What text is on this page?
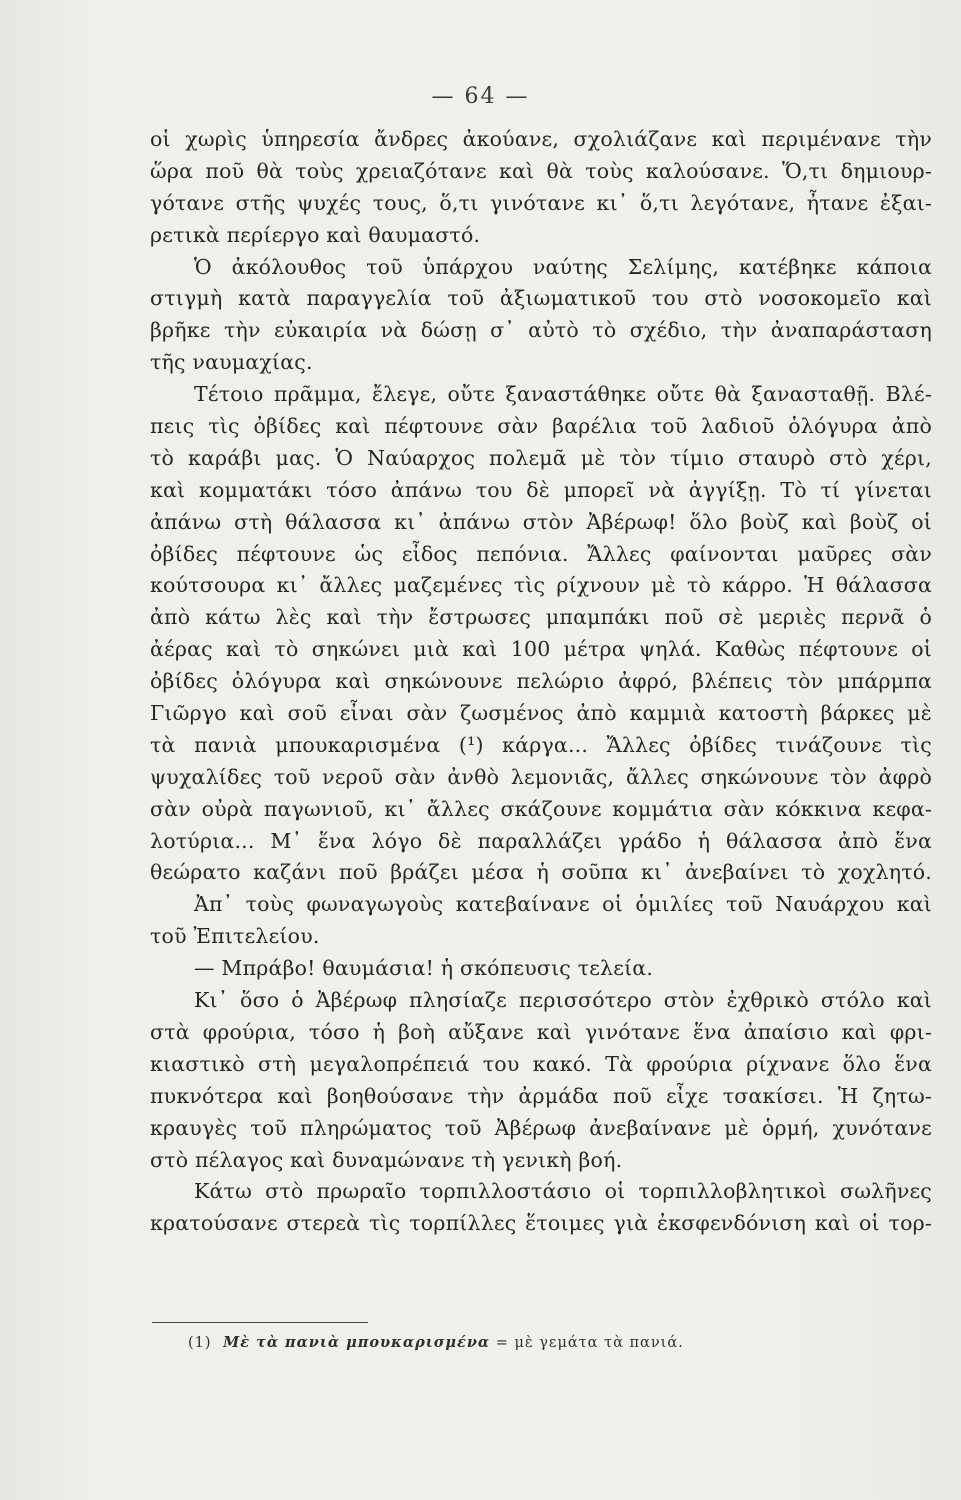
— 64 —
οἱ χωρὶς ὑπηρεσία ἄνδρες ἀκούανε, σχολιάζανε καὶ περιμένανε τὴν
ὥρα ποῦ θὰ τοὺς χρειαζότανε καὶ θὰ τοὺς καλούσανε. Ὅ,τι δημιουρ-
γότανε στῆς ψυχές τους, ὅ,τι γινότανε κι᾿ ὅ,τι λεγότανε, ἦτανε ἐξαι-
ρετικὰ περίεργο καὶ θαυμαστό.
Ὁ ἀκόλουθος τοῦ ὑπάρχου ναύτης Σελίμης, κατέβηκε κάποια
στιγμὴ κατὰ παραγγελία τοῦ ἀξιωματικοῦ του στὸ νοσοκομεῖο καὶ
βρῆκε τὴν εὐκαιρία νὰ δώσῃ σ᾿ αὐτὸ τὸ σχέδιο, τὴν ἀναπαράσταση
τῆς ναυμαχίας.
Τέτοιο πρᾶμμα, ἔλεγε, οὔτε ξαναστάθηκε οὔτε θὰ ξανασταθῇ. Βλέ-
πεις τὶς ὀβίδες καὶ πέφτουνε σὰν βαρέλια τοῦ λαδιοῦ ὁλόγυρα ἀπὸ
τὸ καράβι μας. Ὁ Ναύαρχος πολεμᾶ μὲ τὸν τίμιο σταυρὸ στὸ χέρι,
καὶ κομματάκι τόσο ἀπάνω του δὲ μπορεῖ νὰ ἀγγίξῃ. Τὸ τί γίνεται
ἀπάνω στὴ θάλασσα κι᾿ ἀπάνω στὸν Ἀβέρωφ! ὅλο βοὺζ καὶ βοὺζ οἱ
ὀβίδες πέφτουνε ὡς εἶδος πεπόνια. Ἄλλες φαίνονται μαῦρες σὰν
κούτσουρα κι᾿ ἄλλες μαζεμένες τὶς ρίχνουν μὲ τὸ κάρρο. Ἡ θάλασσα
ἀπὸ κάτω λὲς καὶ τὴν ἔστρωσες μπαμπάκι ποῦ σὲ μεριὲς περνᾶ ὁ
ἀέρας καὶ τὸ σηκώνει μιὰ καὶ 100 μέτρα ψηλά. Καθὼς πέφτουνε οἱ
ὀβίδες ὁλόγυρα καὶ σηκώνουνε πελώριο ἀφρό, βλέπεις τὸν μπάρμπα
Γιῶργο καὶ σοῦ εἶναι σὰν ζωσμένος ἀπὸ καμμιὰ κατοστὴ βάρκες μὲ
τὰ πανιὰ μπουκαρισμένα (¹) κάργα... Ἄλλες ὀβίδες τινάζουνε τὶς
ψυχαλίδες τοῦ νεροῦ σὰν ἀνθὸ λεμονιᾶς, ἄλλες σηκώνουνε τὸν ἀφρὸ
σὰν οὐρὰ παγωνιοῦ, κι᾿ ἄλλες σκάζουνε κομμάτια σὰν κόκκινα κεφα-
λοτύρια... Μ᾿ ἕνα λόγο δὲ παραλλάζει γράδο ἡ θάλασσα ἀπὸ ἕνα
θεώρατο καζάνι ποῦ βράζει μέσα ἡ σοῦπα κι᾿ ἀνεβαίνει τὸ χοχλητό.
Ἀπ᾿ τοὺς φωναγωγοὺς κατεβαίνανε οἱ ὁμιλίες τοῦ Ναυάρχου καὶ
τοῦ Ἐπιτελείου.
— Μπράβο! θαυμάσια! ἡ σκόπευσις τελεία.
Κι᾿ ὅσο ὁ Ἀβέρωφ πλησίαζε περισσότερο στὸν ἐχθρικὸ στόλο καὶ
στὰ φρούρια, τόσο ἡ βοὴ αὔξανε καὶ γινότανε ἕνα ἀπαίσιο καὶ φρι-
κιαστικὸ στὴ μεγαλοπρέπειά του κακό. Τὰ φρούρια ρίχνανε ὅλο ἕνα
πυκνότερα καὶ βοηθούσανε τὴν ἀρμάδα ποῦ εἶχε τσακίσει. Ἡ ζητω-
κραυγὲς τοῦ πληρώματος τοῦ Ἀβέρωφ ἀνεβαίνανε μὲ ὁρμή, χυνότανε
στὸ πέλαγος καὶ δυναμώνανε τὴ γενικὴ βοή.
Κάτω στὸ πρωραῖο τορπιλλοστάσιο οἱ τορπιλλοβλητικοὶ σωλῆνες
κρατούσανε στερεὰ τὶς τορπίλλες ἕτοιμες γιὰ ἐκσφενδόνιση καὶ οἱ τορ-
(1) Μὲ τὰ πανιὰ μπουκαρισμένα = μὲ γεμάτα τὰ πανιά.
